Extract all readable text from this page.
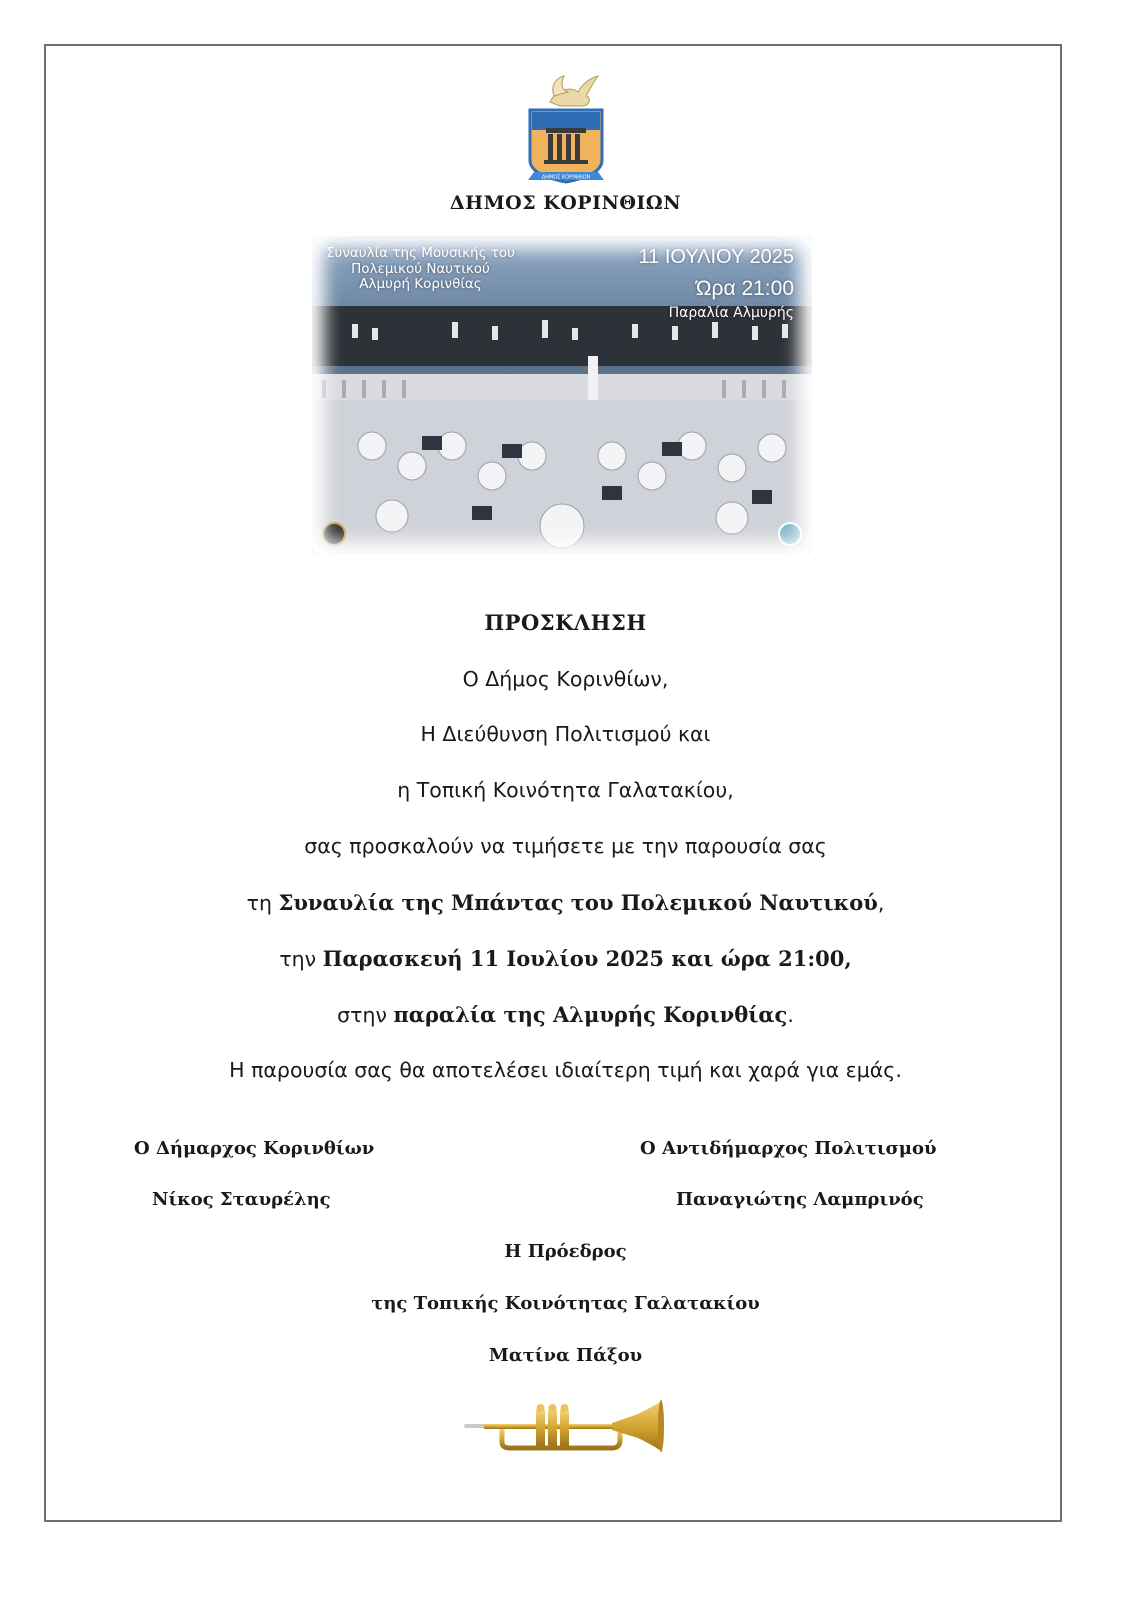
ΔΗΜΟΣ ΚΟΡΙΝΘΙΩΝ
ΔΗΜΟΣ ΚΟΡΙΝΘΙΩΝ
Συναυλία της Μουσικής του
Πολεμικού Ναυτικού
Αλμυρή Κορινθίας
11 ΙΟΥΛΙΟΥ 2025
Ώρα 21:00
Παραλία Αλμυρής
ΠΡΟΣΚΛΗΣΗ
Ο Δήμος Κορινθίων,
Η Διεύθυνση Πολιτισμού και
η Τοπική Κοινότητα Γαλατακίου,
σας προσκαλούν να τιμήσετε με την παρουσία σας
τη Συναυλία της Μπάντας του Πολεμικού Ναυτικού,
την Παρασκευή 11 Ιουλίου 2025 και ώρα 21:00,
στην παραλία της Αλμυρής Κορινθίας.
Η παρουσία σας θα αποτελέσει ιδιαίτερη τιμή και χαρά για εμάς.
Ο Δήμαρχος Κορινθίων
Νίκος Σταυρέλης
Ο Αντιδήμαρχος Πολιτισμού
Παναγιώτης Λαμπρινός
Η Πρόεδρος
της Τοπικής Κοινότητας Γαλατακίου
Ματίνα Πάξου
